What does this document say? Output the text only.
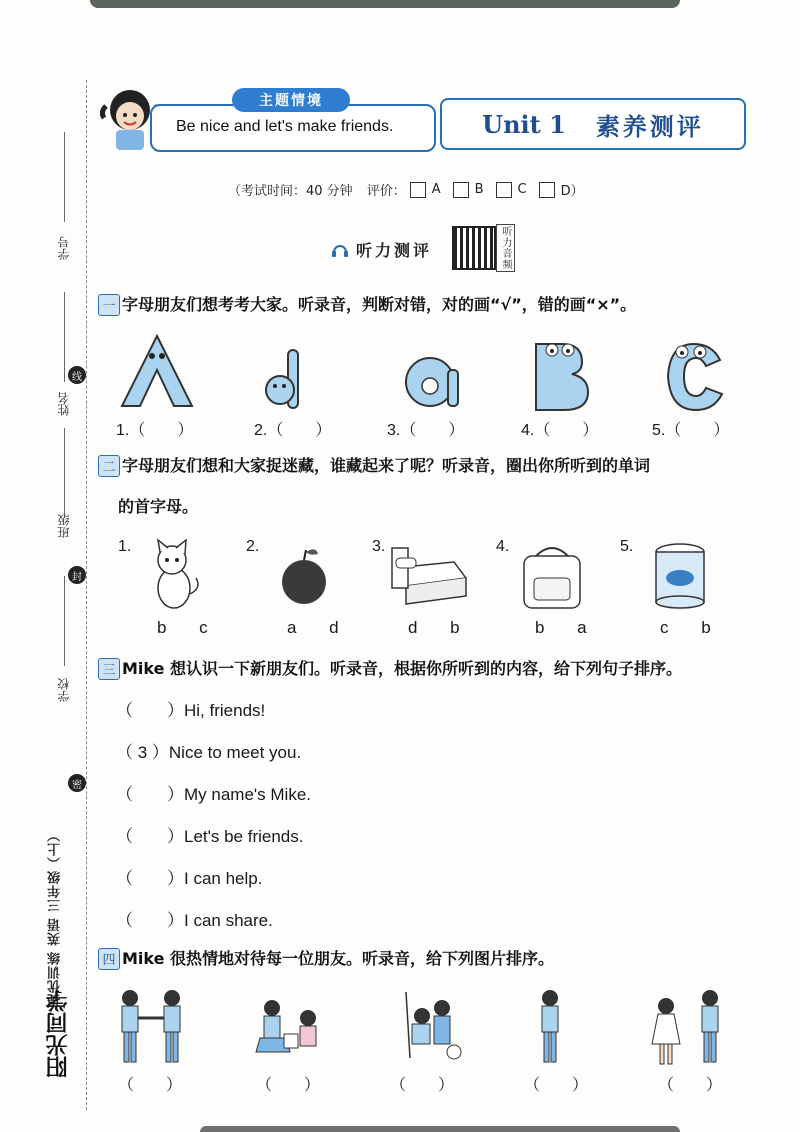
学号
姓名
线
班级
封
学校
密
提优训练 英语 三年级（上）
阳光同学
主题情境
Be nice and let's make friends.	Unit 1 素养测评
（考试时间：40 分钟 评价： A	B	C	D）
听力测评	听力音频
一 字母朋友们想考考大家。听录音，判断对错，对的画“√”，错的画“×”。
1.（　　）	2.（　　）	3.（　　）	4.（　　）	5.（　　）
二 字母朋友们想和大家捉迷藏，谁藏起来了呢？听录音，圈出你所听到的单词
的首字母。
1.	2.	3.	4.	5.
b c	a d	d b	b a	c b
三 Mike 想认识一下新朋友们。听录音，根据你所听到的内容，给下列句子排序。
（　　）Hi, friends!
（ 3 ）Nice to meet you.
（　　）My name's Mike.
（　　）Let's be friends.
（　　）I can help.
（　　）I can share.
四 Mike 很热情地对待每一位朋友。听录音，给下列图片排序。
（　　）	（　　）	（　　）	（　　）	（　　）
